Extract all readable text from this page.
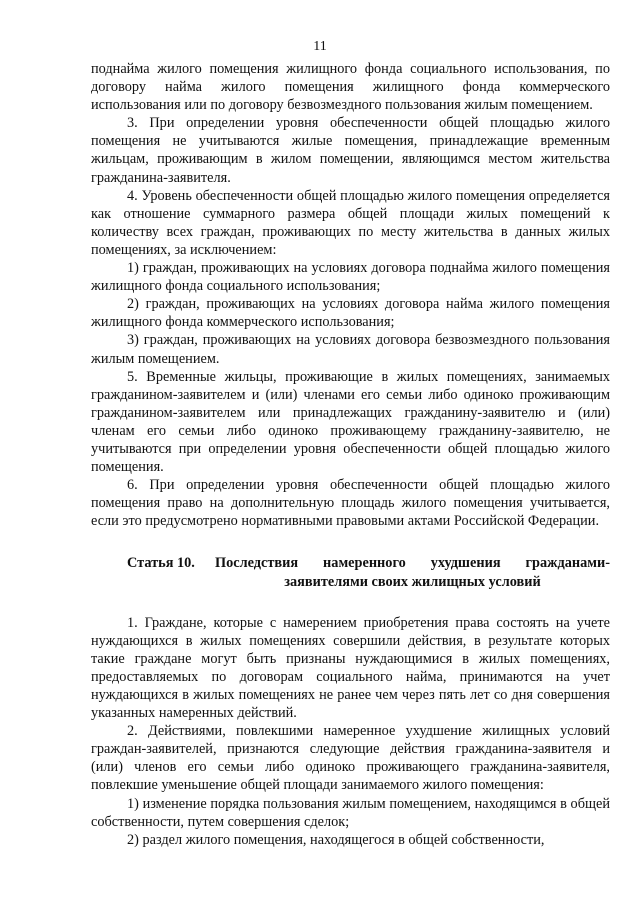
11

поднайма жилого помещения жилищного фонда социального использования, по договору найма жилого помещения жилищного фонда коммерческого использования или по договору безвозмездного пользования жилым помещением.

3. При определении уровня обеспеченности общей площадью жилого помещения не учитываются жилые помещения, принадлежащие временным жильцам, проживающим в жилом помещении, являющимся местом жительства гражданина-заявителя.

4. Уровень обеспеченности общей площадью жилого помещения определяется как отношение суммарного размера общей площади жилых помещений к количеству всех граждан, проживающих по месту жительства в данных жилых помещениях, за исключением:

1) граждан, проживающих на условиях договора поднайма жилого помещения жилищного фонда социального использования;

2) граждан, проживающих на условиях договора найма жилого помещения жилищного фонда коммерческого использования;

3) граждан, проживающих на условиях договора безвозмездного пользования жилым помещением.

5. Временные жильцы, проживающие в жилых помещениях, занимаемых гражданином-заявителем и (или) членами его семьи либо одиноко проживающим гражданином-заявителем или принадлежащих гражданину-заявителю и (или) членам его семьи либо одиноко проживающему гражданину-заявителю, не учитываются при определении уровня обеспеченности общей площадью жилого помещения.

6. При определении уровня обеспеченности общей площадью жилого помещения право на дополнительную площадь жилого помещения учитывается, если это предусмотрено нормативными правовыми актами Российской Федерации.

Статья 10.	Последствия намеренного ухудшения гражданами-заявителями своих жилищных условий

1. Граждане, которые с намерением приобретения права состоять на учете нуждающихся в жилых помещениях совершили действия, в результате которых такие граждане могут быть признаны нуждающимися в жилых помещениях, предоставляемых по договорам социального найма, принимаются на учет нуждающихся в жилых помещениях не ранее чем через пять лет со дня совершения указанных намеренных действий.

2. Действиями, повлекшими намеренное ухудшение жилищных условий граждан-заявителей, признаются следующие действия гражданина-заявителя и (или) членов его семьи либо одиноко проживающего гражданина-заявителя, повлекшие уменьшение общей площади занимаемого жилого помещения:

1) изменение порядка пользования жилым помещением, находящимся в общей собственности, путем совершения сделок;

2) раздел жилого помещения, находящегося в общей собственности,
